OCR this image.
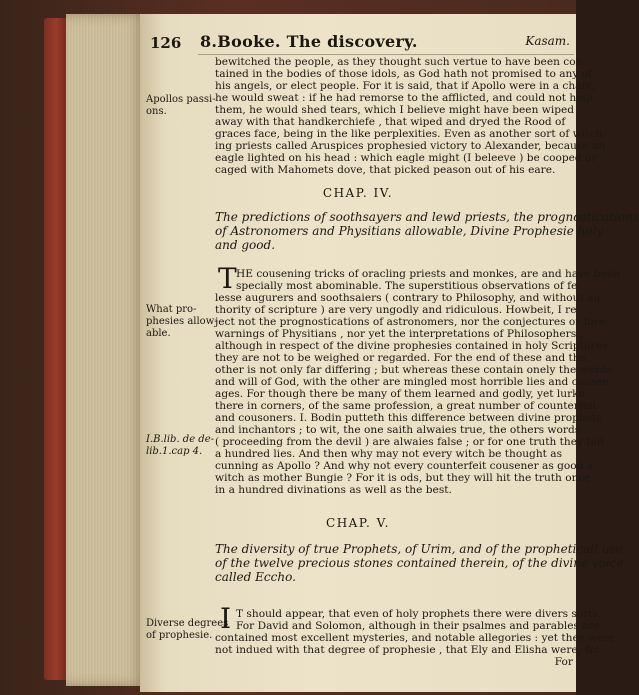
126 8.Booke. The discovery.	Kasam.
bewitched the people, as they thought such vertue to have been con-
tained in the bodies of those idols, as God hath not promised to any of
his angels, or elect people. For it is said, that if Apollo were in a chafe,
he would sweat : if he had remorse to the afflicted, and could not help
them, he would shed tears, which I believe might have been wiped
away with that handkerchiefe , that wiped and dryed the Rood of
graces face, being in the like perplexities. Even as another sort of witch-
ing priests called Aruspices prophesied victory to Alexander, because an
eagle lighted on his head : which eagle might (I beleeve ) be cooped or
caged with Mahomets dove, that picked peason out of his eare.
Apollos passi-
ons.
CHAP. IV.
The predictions of soothsayers and lewd priests, the prognostications
of Astronomers and Physitians allowable, Divine Prophesie holy
and good.
T HE cousening tricks of oracling priests and monkes, are and have been
specially most abominable. The superstitious observations of fe-
lesse augurers and soothsaiers ( contrary to Philosophy, and without au-
thority of scripture ) are very ungodly and ridiculous. Howbeit, I re-
ject not the prognostications of astronomers, nor the conjectures or fore-
warnings of Physitians , nor yet the interpretations of Philosophers ;
although in respect of the divine prophesies contained in holy Scriptures
they are not to be weighed or regarded. For the end of these and the
other is not only far differing ; but whereas these contain onely the words
and will of God, with the other are mingled most horrible lies and cousen-
ages. For though there be many of them learned and godly, yet lurke
there in corners, of the same profession, a great number of counterfeit
and cousoners. I. Bodin putteth this difference between divine prophets
and inchantors ; to wit, the one saith alwaies true, the others words
( proceeding from the devil ) are alwaies false ; or for one truth they tell
a hundred lies. And then why may not every witch be thought as
cunning as Apollo ? And why not every counterfeit cousener as good a
witch as mother Bungie ? For it is ods, but they will hit the truth once
in a hundred divinations as well as the best.
What pro-
phesies allow-
able.
I.B.lib. de de-
lib.1.cap 4.
CHAP. V.
The diversity of true Prophets, of Urim, and of the propheticall use
of the twelve precious stones contained therein, of the divine voice
called Eccho.
I T should appear, that even of holy prophets there were divers sorts.
For David and Solomon, although in their psalmes and parables are
contained most excellent mysteries, and notable allegories : yet they were
not indued with that degree of prophesie , that Ely and Elisha were, &c.
For
Diverse degrees
of prophesie.
